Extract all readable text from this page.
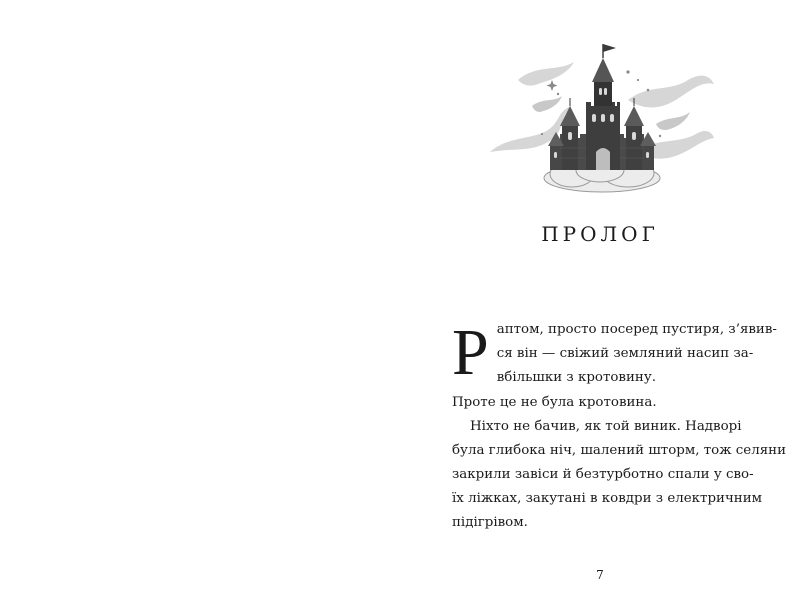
ПРОЛОГ
Р аптом, просто посеред пустиря, з’явив-
ся він — свіжий земляний насип за-
вбільшки з кротовину.
Проте це не була кротовина.
Ніхто не бачив, як той виник. Надворі
була глибока ніч, шалений шторм, тож селяни
закрили завіси й безтурботно спали у сво-
їх ліжках, закутані в ковдри з електричним
підігрівом.
7
